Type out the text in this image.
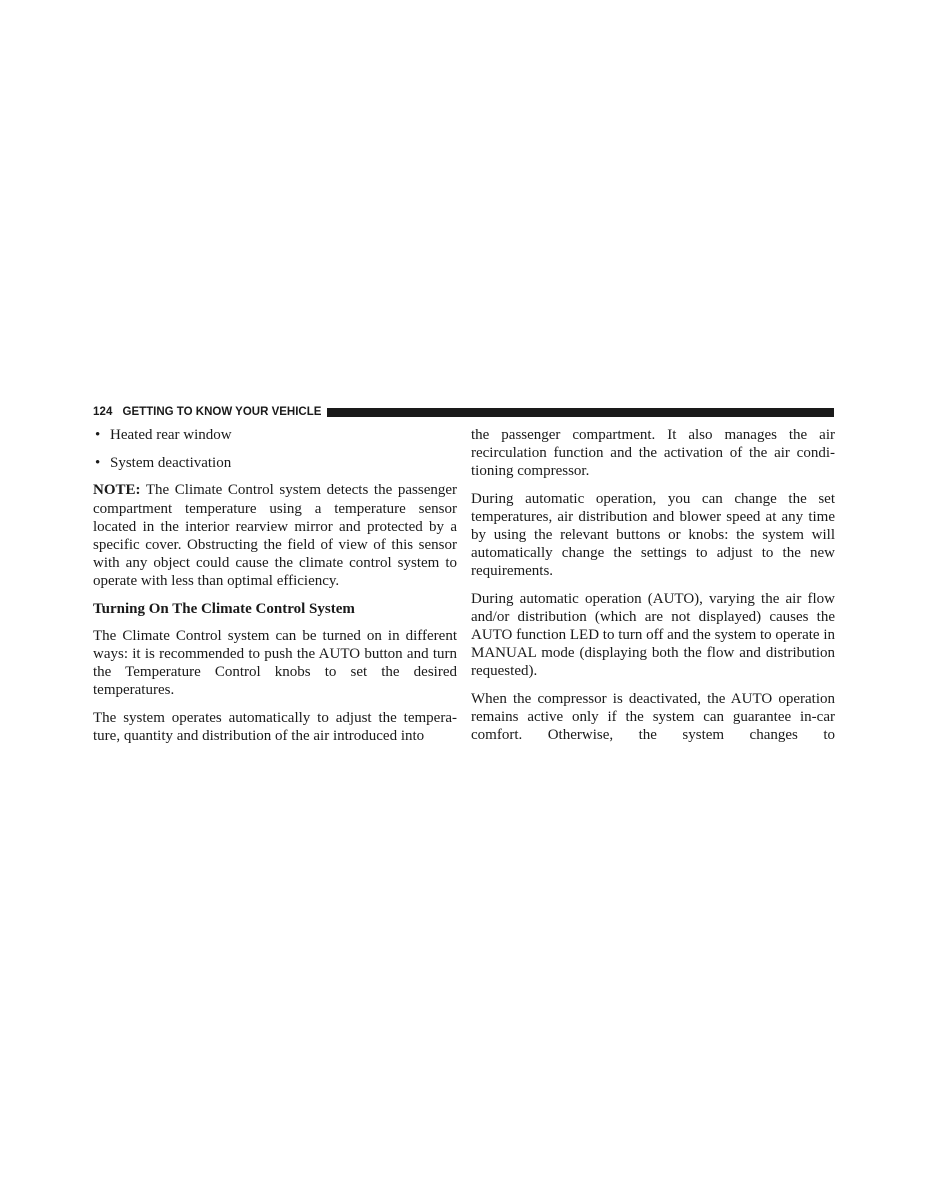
124 GETTING TO KNOW YOUR VEHICLE
• Heated rear window
• System deactivation

NOTE: The Climate Control system detects the passenger compartment temperature using a temperature sensor located in the interior rearview mirror and protected by a specific cover. Obstructing the field of view of this sensor with any object could cause the climate control system to operate with less than optimal efficiency.

Turning On The Climate Control System

The Climate Control system can be turned on in different ways: it is recommended to push the AUTO button and turn the Temperature Control knobs to set the desired temperatures.

The system operates automatically to adjust the temperature, quantity and distribution of the air introduced into

the passenger compartment. It also manages the air recirculation function and the activation of the air conditioning compressor.

During automatic operation, you can change the set temperatures, air distribution and blower speed at any time by using the relevant buttons or knobs: the system will automatically change the settings to adjust to the new requirements.

During automatic operation (AUTO), varying the air flow and/or distribution (which are not displayed) causes the AUTO function LED to turn off and the system to operate in MANUAL mode (displaying both the flow and distribution requested).

When the compressor is deactivated, the AUTO operation remains active only if the system can guarantee in-car comfort. Otherwise, the system changes to
